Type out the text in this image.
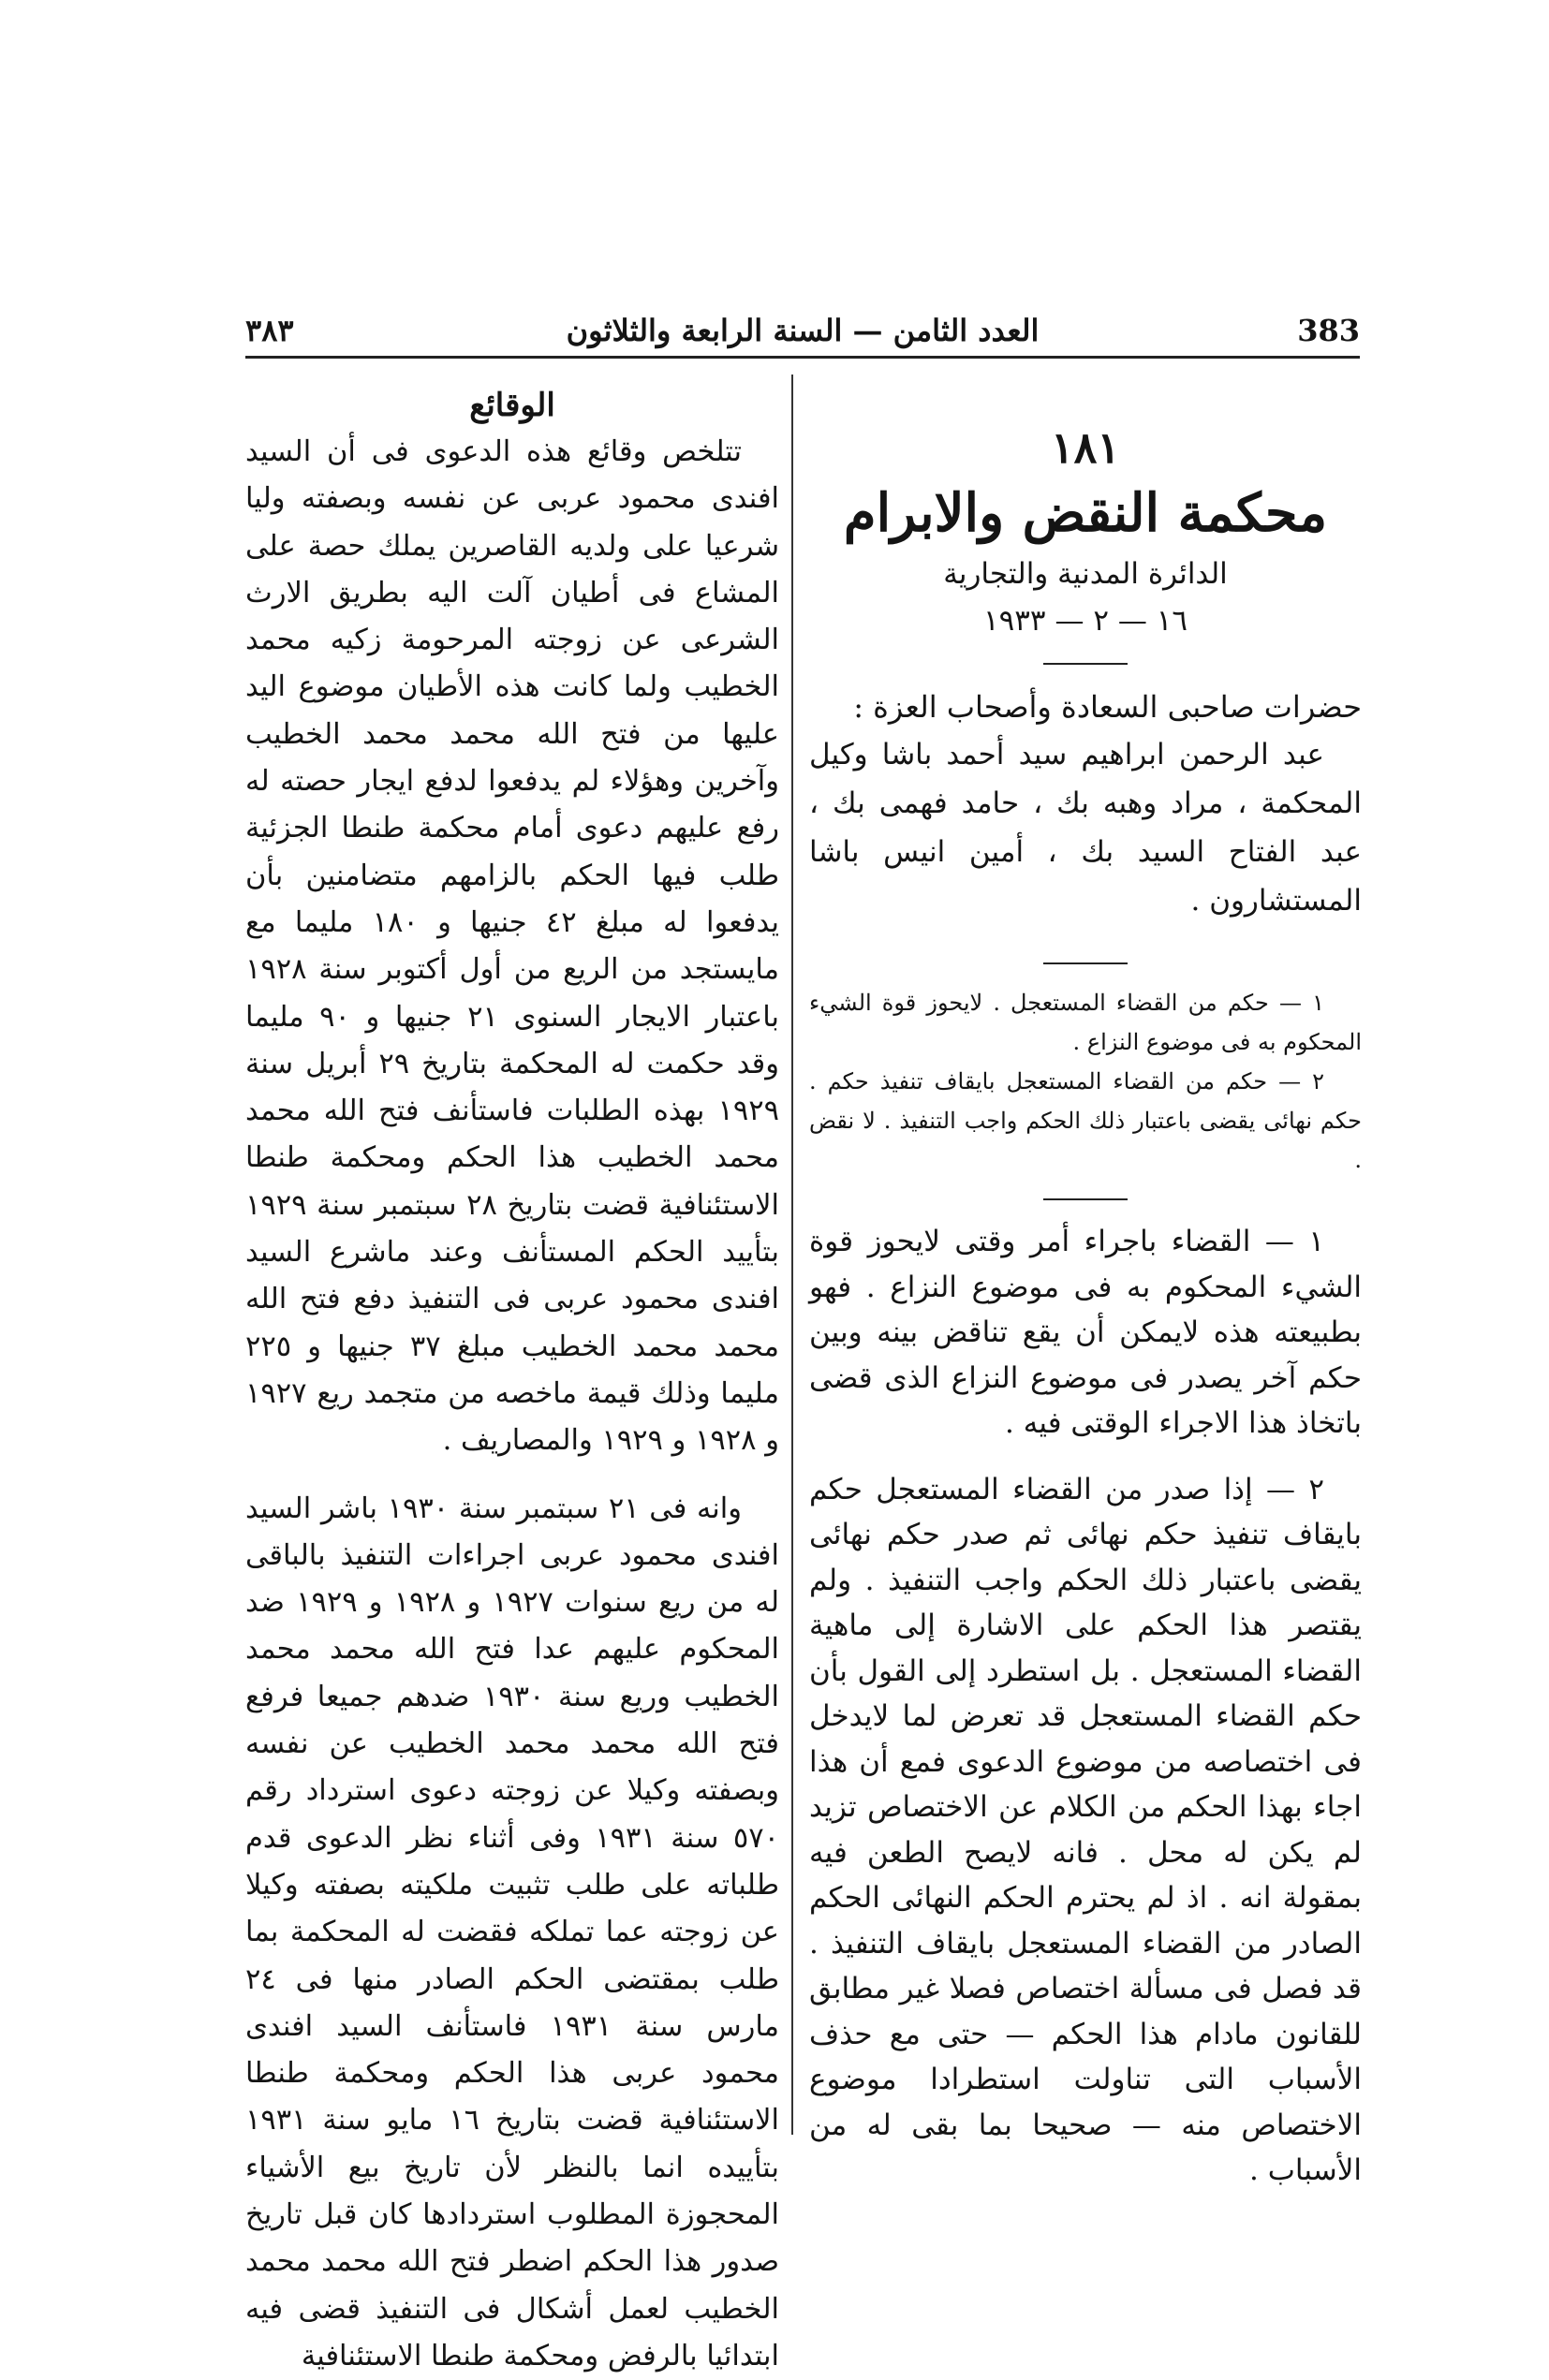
383
العدد الثامن — السنة الرابعة والثلاثون
٣٨٣
١٨١
محكمة النقض والابرام
الدائرة المدنية والتجارية
١٦ — ٢ — ١٩٣٣

حضرات صاحبى السعادة وأصحاب العزة :

عبد الرحمن ابراهيم سيد أحمد باشا وكيل المحكمة ، مراد وهبه بك ، حامد فهمى بك ، عبد الفتاح السيد بك ، أمين انيس باشا المستشارون .

١ — حكم من القضاء المستعجل . لايحوز قوة الشيء المحكوم به فى موضوع النزاع .

٢ — حكم من القضاء المستعجل بايقاف تنفيذ حكم . حكم نهائى يقضى باعتبار ذلك الحكم واجب التنفيذ . لا نقض .

١ — القضاء باجراء أمر وقتى لايحوز قوة الشيء المحكوم به فى موضوع النزاع . فهو بطبيعته هذه لايمكن أن يقع تناقض بينه وبين حكم آخر يصدر فى موضوع النزاع الذى قضى باتخاذ هذا الاجراء الوقتى فيه .

٢ — إذا صدر من القضاء المستعجل حكم بايقاف تنفيذ حكم نهائى ثم صدر حكم نهائى يقضى باعتبار ذلك الحكم واجب التنفيذ . ولم يقتصر هذا الحكم على الاشارة إلى ماهية القضاء المستعجل . بل استطرد إلى القول بأن حكم القضاء المستعجل قد تعرض لما لايدخل فى اختصاصه من موضوع الدعوى فمع أن هذا اجاء بهذا الحكم من الكلام عن الاختصاص تزيد لم يكن له محل . فانه لايصح الطعن فيه بمقولة انه . اذ لم يحترم الحكم النهائى الحكم الصادر من القضاء المستعجل بايقاف التنفيذ . قد فصل فى مسألة اختصاص فصلا غير مطابق للقانون مادام هذا الحكم — حتى مع حذف الأسباب التى تناولت استطرادا موضوع الاختصاص منه — صحيحا بما بقى له من الأسباب .

الوقائع

تتلخص وقائع هذه الدعوى فى أن السيد افندى محمود عربى عن نفسه وبصفته وليا شرعيا على ولديه القاصرين يملك حصة على المشاع فى أطيان آلت اليه بطريق الارث الشرعى عن زوجته المرحومة زكيه محمد الخطيب ولما كانت هذه الأطيان موضوع اليد عليها من فتح الله محمد محمد الخطيب وآخرين وهؤلاء لم يدفعوا لدفع ايجار حصته له رفع عليهم دعوى أمام محكمة طنطا الجزئية طلب فيها الحكم بالزامهم متضامنين بأن يدفعوا له مبلغ ٤٢ جنيها و ١٨٠ مليما مع مايستجد من الريع من أول أكتوبر سنة ١٩٢٨ باعتبار الايجار السنوى ٢١ جنيها و ٩٠ مليما وقد حكمت له المحكمة بتاريخ ٢٩ أبريل سنة ١٩٢٩ بهذه الطلبات فاستأنف فتح الله محمد محمد الخطيب هذا الحكم ومحكمة طنطا الاستئنافية قضت بتاريخ ٢٨ سبتمبر سنة ١٩٢٩ بتأييد الحكم المستأنف وعند ماشرع السيد افندى محمود عربى فى التنفيذ دفع فتح الله محمد محمد الخطيب مبلغ ٣٧ جنيها و ٢٢٥ مليما وذلك قيمة ماخصه من متجمد ريع ١٩٢٧ و ١٩٢٨ و ١٩٢٩ والمصاريف .

وانه فى ٢١ سبتمبر سنة ١٩٣٠ باشر السيد افندى محمود عربى اجراءات التنفيذ بالباقى له من ريع سنوات ١٩٢٧ و ١٩٢٨ و ١٩٢٩ ضد المحكوم عليهم عدا فتح الله محمد محمد الخطيب وريع سنة ١٩٣٠ ضدهم جميعا فرفع فتح الله محمد محمد الخطيب عن نفسه وبصفته وكيلا عن زوجته دعوى استرداد رقم ٥٧٠ سنة ١٩٣١ وفى أثناء نظر الدعوى قدم طلباته على طلب تثبيت ملكيته بصفته وكيلا عن زوجته عما تملكه فقضت له المحكمة بما طلب بمقتضى الحكم الصادر منها فى ٢٤ مارس سنة ١٩٣١ فاستأنف السيد افندى محمود عربى هذا الحكم ومحكمة طنطا الاستئنافية قضت بتاريخ ١٦ مايو سنة ١٩٣١ بتأييده انما بالنظر لأن تاريخ بيع الأشياء المحجوزة المطلوب استردادها كان قبل تاريخ صدور هذا الحكم اضطر فتح الله محمد محمد الخطيب لعمل أشكال فى التنفيذ قضى فيه ابتدائيا بالرفض ومحكمة طنطا الاستئنافية
